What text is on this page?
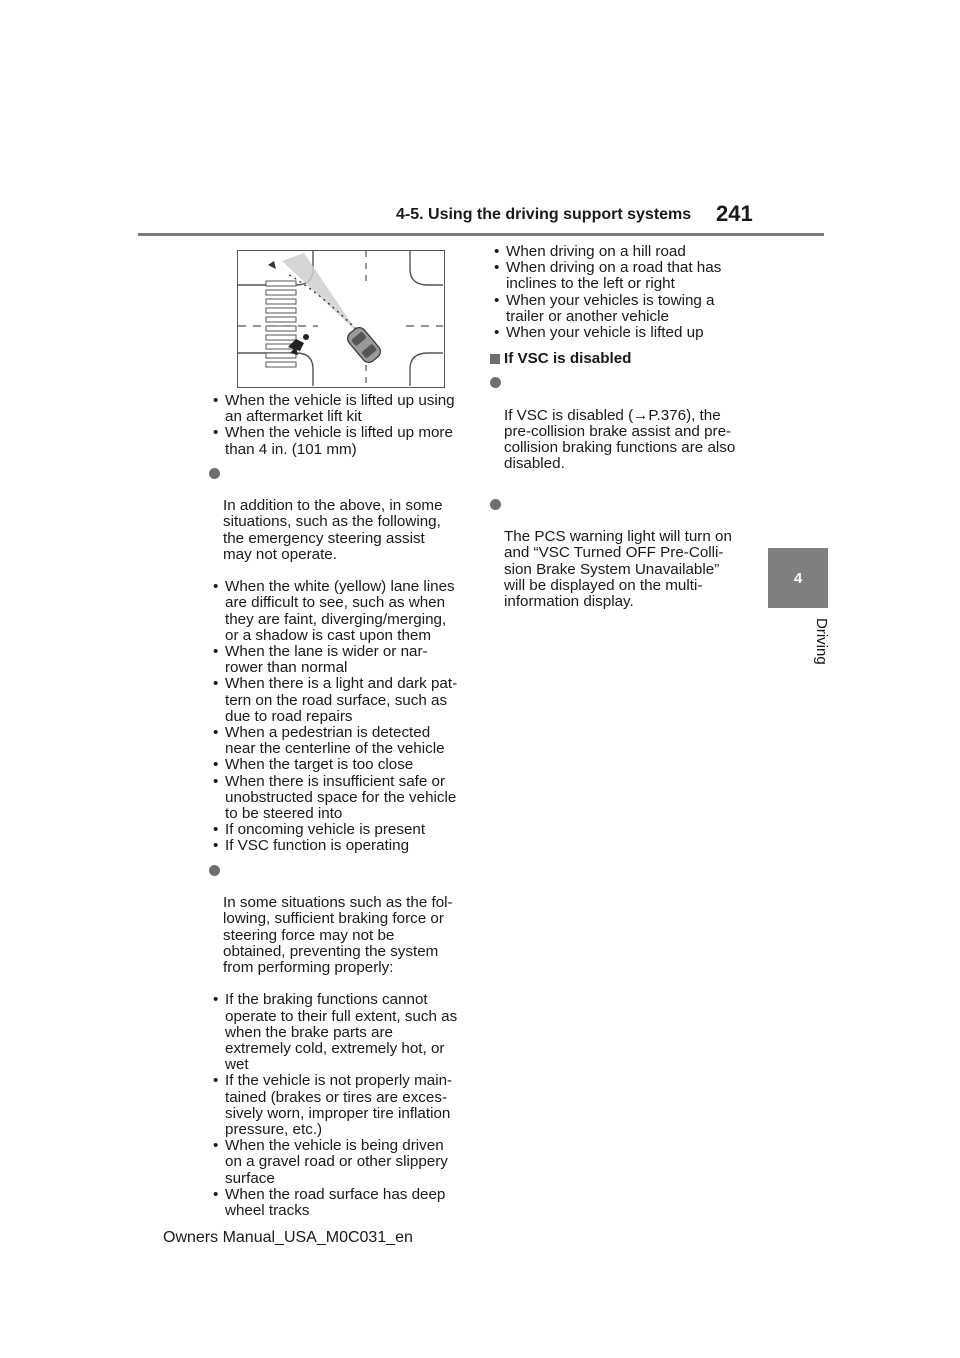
4-5. Using the driving support systems 241
4
Driving
• When the vehicle is lifted up using
an aftermarket lift kit
• When the vehicle is lifted up more
than 4 in. (101 mm)

In addition to the above, in some
situations, such as the following,
the emergency steering assist
may not operate.

• When the white (yellow) lane lines
are difficult to see, such as when
they are faint, diverging/merging,
or a shadow is cast upon them
• When the lane is wider or nar-
rower than normal
• When there is a light and dark pat-
tern on the road surface, such as
due to road repairs
• When a pedestrian is detected
near the centerline of the vehicle
• When the target is too close
• When there is insufficient safe or
unobstructed space for the vehicle
to be steered into
• If oncoming vehicle is present
• If VSC function is operating

In some situations such as the fol-
lowing, sufficient braking force or
steering force may not be
obtained, preventing the system
from performing properly:

• If the braking functions cannot
operate to their full extent, such as
when the brake parts are
extremely cold, extremely hot, or
wet
• If the vehicle is not properly main-
tained (brakes or tires are exces-
sively worn, improper tire inflation
pressure, etc.)
• When the vehicle is being driven
on a gravel road or other slippery
surface
• When the road surface has deep
wheel tracks
• When driving on a hill road
• When driving on a road that has
inclines to the left or right
• When your vehicles is towing a
trailer or another vehicle
• When your vehicle is lifted up
If VSC is disabled

If VSC is disabled (→P.376), the
pre-collision brake assist and pre-
collision braking functions are also
disabled.

The PCS warning light will turn on
and “VSC Turned OFF Pre-Colli-
sion Brake System Unavailable”
will be displayed on the multi-
information display.

Owners Manual_USA_M0C031_en
